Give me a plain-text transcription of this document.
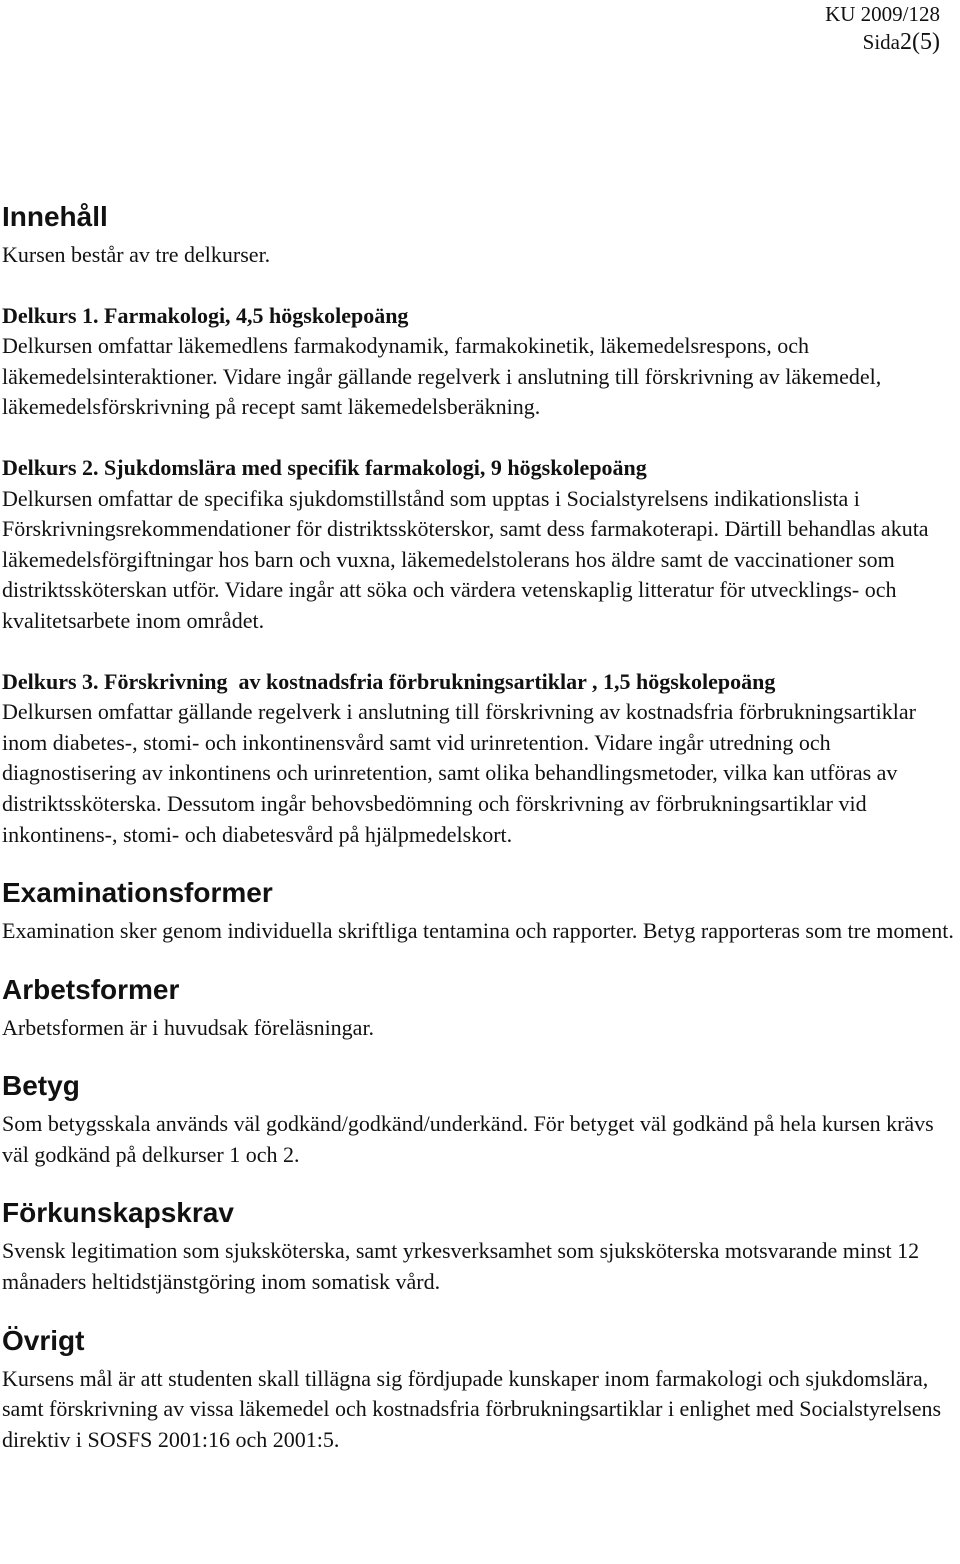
KU 2009/128
Sida2(5)
Innehåll

Kursen består av tre delkurser.

Delkurs 1. Farmakologi, 4,5 högskolepoäng

Delkursen omfattar läkemedlens farmakodynamik, farmakokinetik, läkemedelsrespons, och läkemedelsinteraktioner. Vidare ingår gällande regelverk i anslutning till förskrivning av läkemedel, läkemedelsförskrivning på recept samt läkemedelsberäkning.

Delkurs 2. Sjukdomslära med specifik farmakologi, 9 högskolepoäng

Delkursen omfattar de specifika sjukdomstillstånd som upptas i Socialstyrelsens indikationslista i Förskrivningsrekommendationer för distriktssköterskor, samt dess farmakoterapi. Därtill behandlas akuta läkemedelsförgiftningar hos barn och vuxna, läkemedelstolerans hos äldre samt de vaccinationer som distriktssköterskan utför. Vidare ingår att söka och värdera vetenskaplig litteratur för utvecklings- och kvalitetsarbete inom området.

Delkurs 3. Förskrivning  av kostnadsfria förbrukningsartiklar , 1,5 högskolepoäng

Delkursen omfattar gällande regelverk i anslutning till förskrivning av kostnadsfria förbrukningsartiklar inom diabetes-, stomi- och inkontinensvård samt vid urinretention. Vidare ingår utredning och diagnostisering av inkontinens och urinretention, samt olika behandlingsmetoder, vilka kan utföras av distriktssköterska. Dessutom ingår behovsbedömning och förskrivning av förbrukningsartiklar vid inkontinens-, stomi- och diabetesvård på hjälpmedelskort.

Examinationsformer

Examination sker genom individuella skriftliga tentamina och rapporter. Betyg rapporteras som tre moment.

Arbetsformer

Arbetsformen är i huvudsak föreläsningar.

Betyg

Som betygsskala används väl godkänd/godkänd/underkänd. För betyget väl godkänd på hela kursen krävs väl godkänd på delkurser 1 och 2.

Förkunskapskrav

Svensk legitimation som sjuksköterska, samt yrkesverksamhet som sjuksköterska motsvarande minst 12 månaders heltidstjänstgöring inom somatisk vård.

Övrigt

Kursens mål är att studenten skall tillägna sig fördjupade kunskaper inom farmakologi och sjukdomslära, samt förskrivning av vissa läkemedel och kostnadsfria förbrukningsartiklar i enlighet med Socialstyrelsens direktiv i SOSFS 2001:16 och 2001:5.
